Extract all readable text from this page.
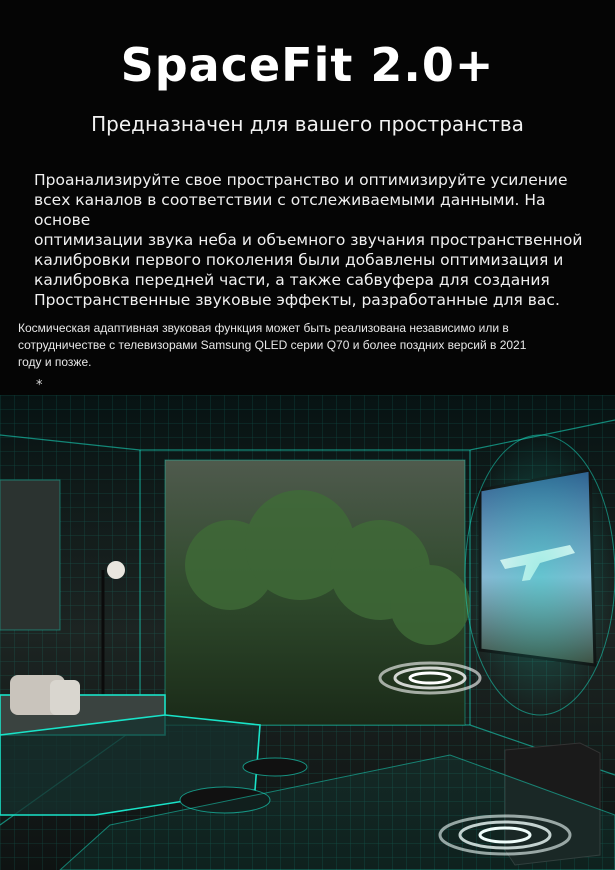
SpaceFit 2.0+
Предназначен для вашего пространства
Проанализируйте свое пространство и оптимизируйте усиление
всех каналов в соответствии с отслеживаемыми данными. На основе
оптимизации звука неба и объемного звучания пространственной
калибровки первого поколения были добавлены оптимизация и
калибровка передней части, а также сабвуфера для создания
Пространственные звуковые эффекты, разработанные для вас.
Космическая адаптивная звуковая функция может быть реализована независимо или в
сотрудничестве с телевизорами Samsung QLED серии Q70 и более поздних версий в 2021
году и позже.
*
